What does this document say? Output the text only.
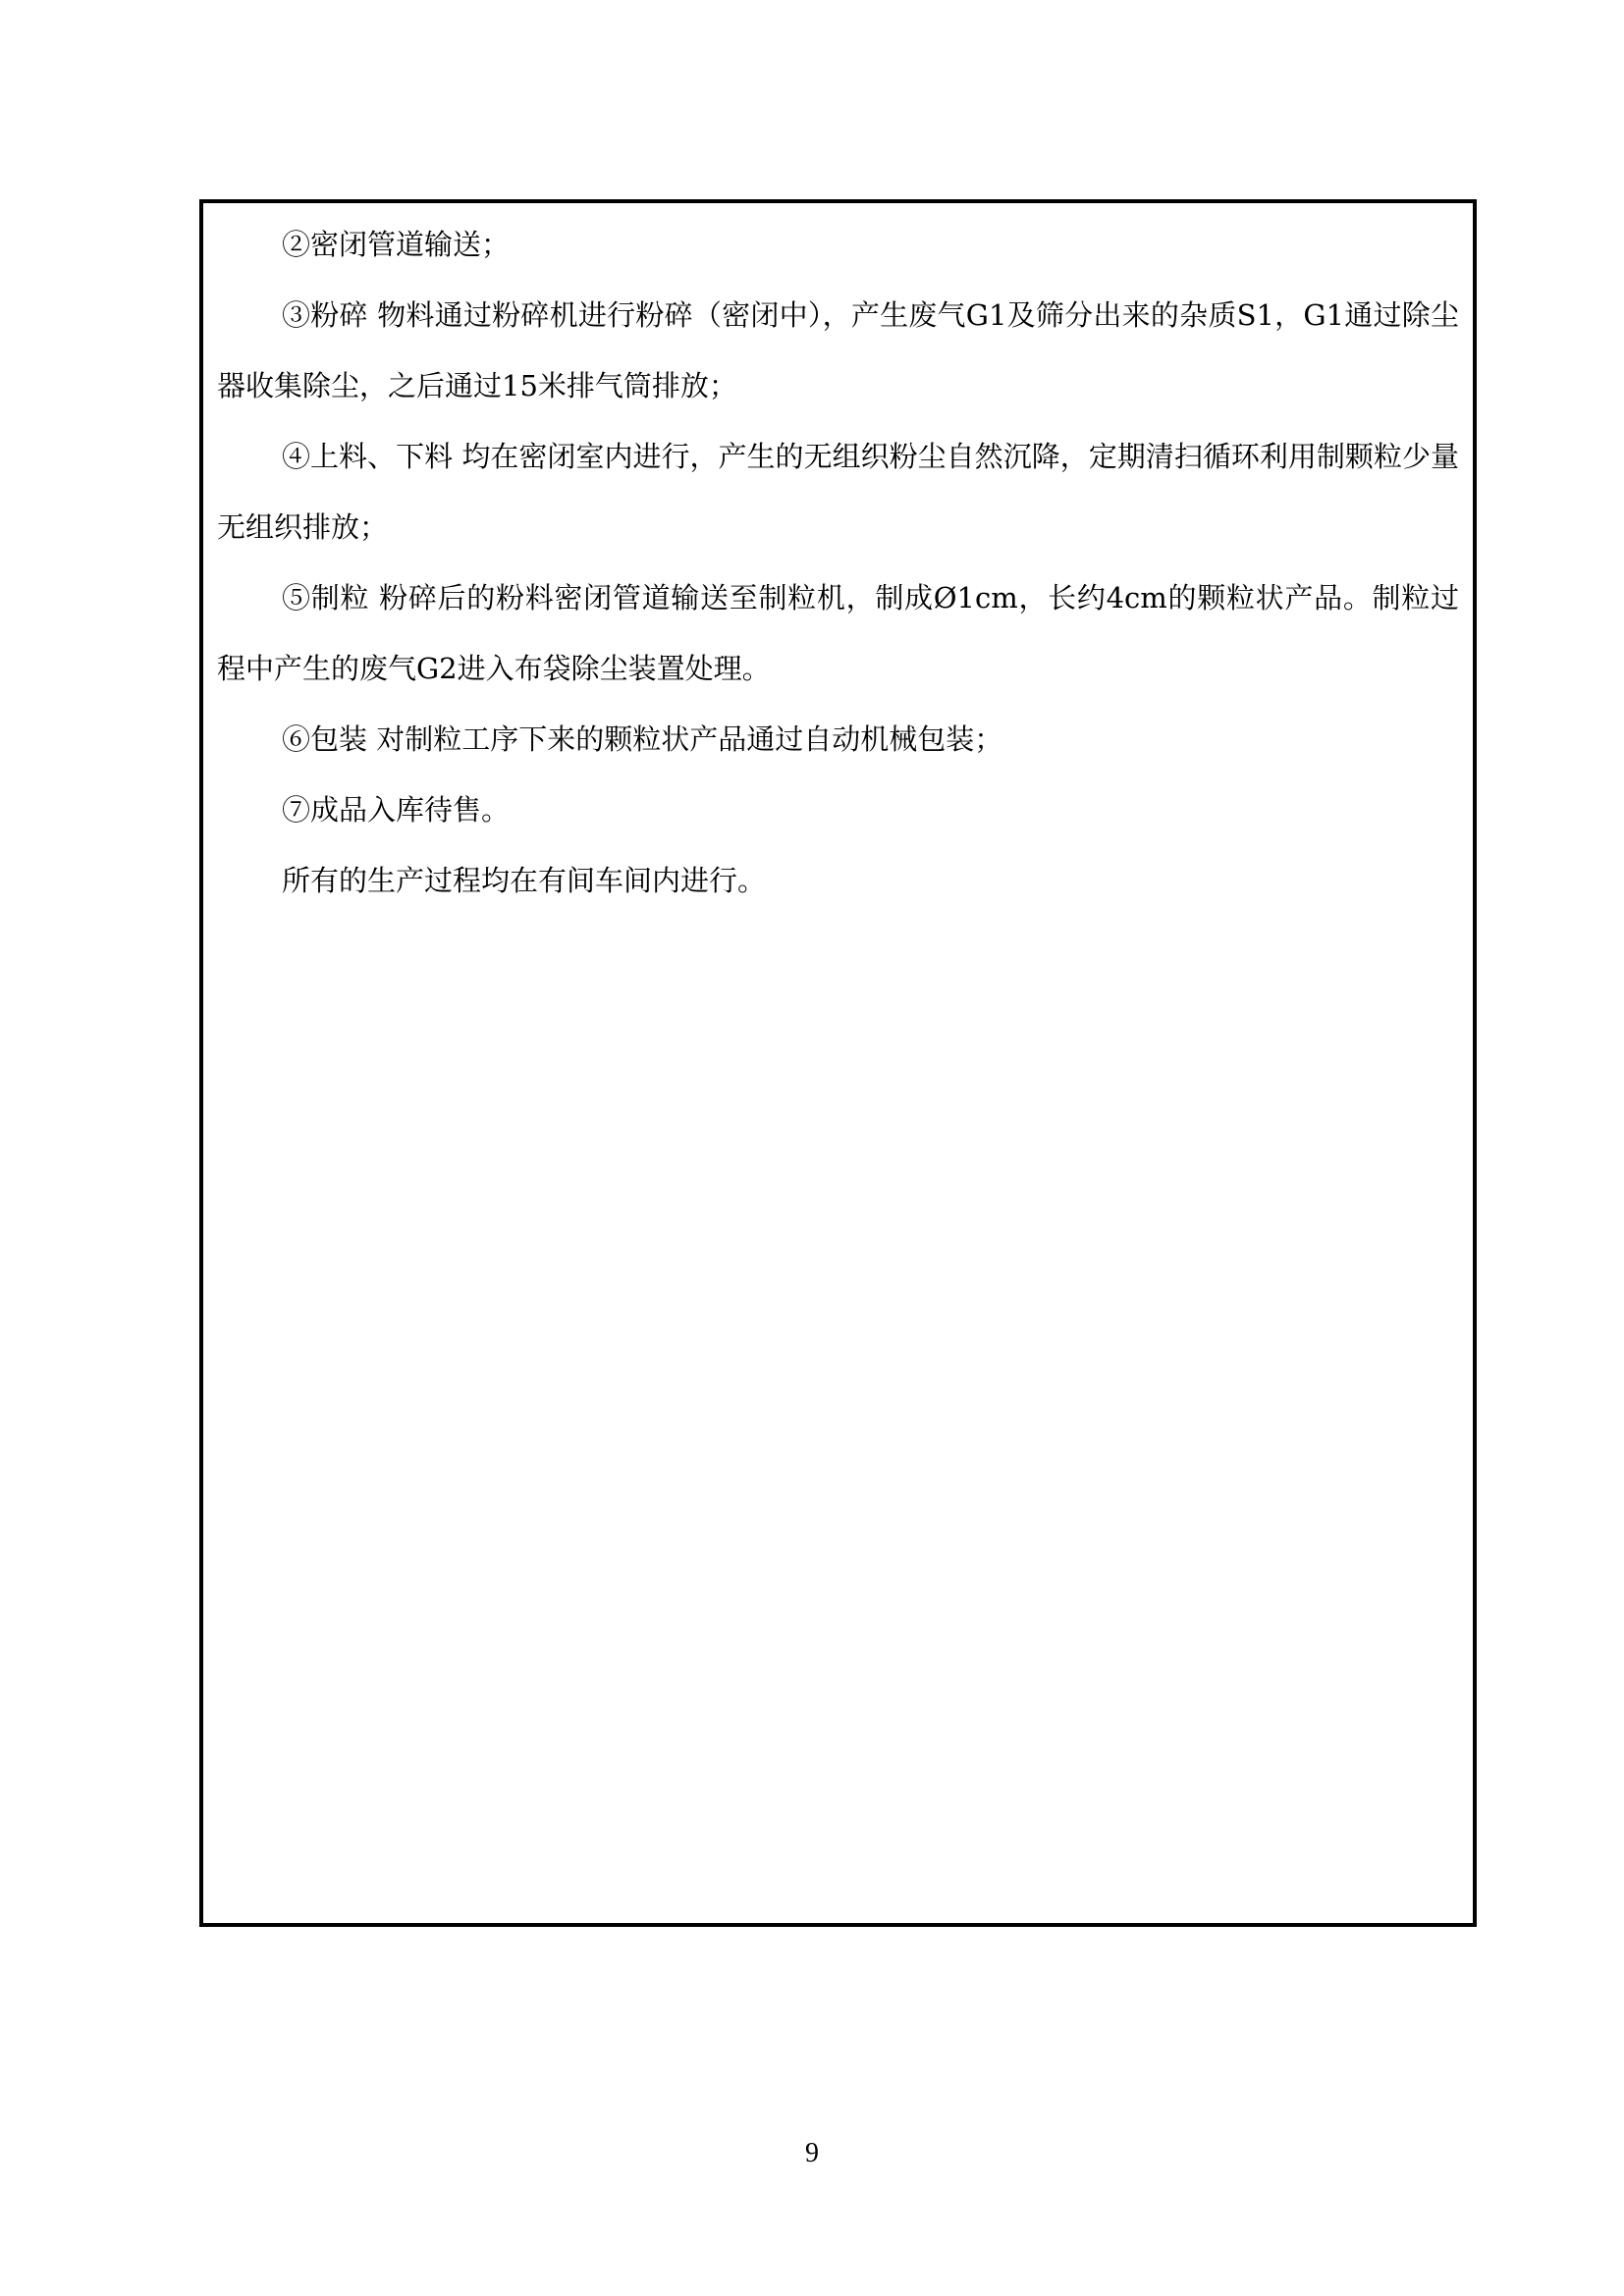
②密闭管道输送；

③粉碎 物料通过粉碎机进行粉碎（密闭中），产生废气G1及筛分出来的杂质S1，G1通过除尘器收集除尘，之后通过15米排气筒排放；

④上料、下料 均在密闭室内进行，产生的无组织粉尘自然沉降，定期清扫循环利用制颗粒少量无组织排放；

⑤制粒 粉碎后的粉料密闭管道输送至制粒机，制成Ø1cm，长约4cm的颗粒状产品。制粒过程中产生的废气G2进入布袋除尘装置处理。

⑥包装 对制粒工序下来的颗粒状产品通过自动机械包装；

⑦成品入库待售。

所有的生产过程均在有间车间内进行。

9
